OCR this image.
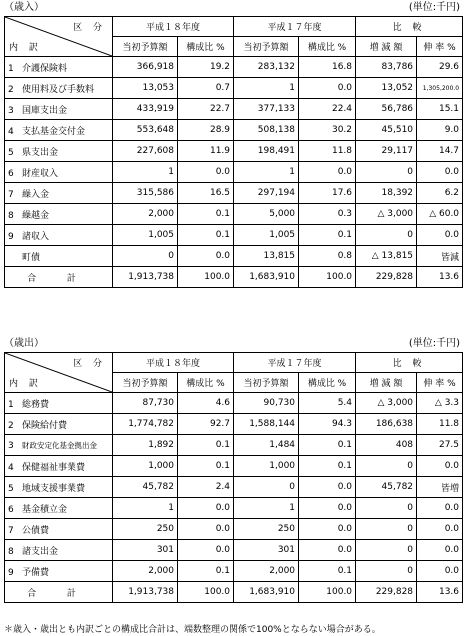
（歳入）	(単位:千円)
区 分
内 訳	平成１８年度		平成１７年度		比 較	
	当初予算額	構成比 %	当初予算額	構成比 %	増 減 額	伸 率 %
1 介護保険料	366,918	19.2	283,132	16.8	83,786	29.6
2 使用料及び手数料	13,053	0.7	1	0.0	13,052	1,305,200.0
3 国庫支出金	433,919	22.7	377,133	22.4	56,786	15.1
4 支払基金交付金	553,648	28.9	508,138	30.2	45,510	9.0
5 県支出金	227,608	11.9	198,491	11.8	29,117	14.7
6 財産収入	1	0.0	1	0.0	0	0.0
7 繰入金	315,586	16.5	297,194	17.6	18,392	6.2
8 繰越金	2,000	0.1	5,000	0.3	△ 3,000	△ 60.0
9 諸収入	1,005	0.1	1,005	0.1	0	0.0
町債	0	0.0	13,815	0.8	△ 13,815	皆減
合 計	1,913,738	100.0	1,683,910	100.0	229,828	13.6
（歳出）	(単位:千円)
区 分
内 訳	平成１８年度		平成１７年度		比 較	
	当初予算額	構成比 %	当初予算額	構成比 %	増 減 額	伸 率 %
1 総務費	87,730	4.6	90,730	5.4	△ 3,000	△ 3.3
2 保険給付費	1,774,782	92.7	1,588,144	94.3	186,638	11.8
3 財政安定化基金拠出金	1,892	0.1	1,484	0.1	408	27.5
4 保健福祉事業費	1,000	0.1	1,000	0.1	0	0.0
5 地域支援事業費	45,782	2.4	0	0.0	45,782	皆増
6 基金積立金	1	0.0	1	0.0	0	0.0
7 公債費	250	0.0	250	0.0	0	0.0
8 諸支出金	301	0.0	301	0.0	0	0.0
9 予備費	2,000	0.1	2,000	0.1	0	0.0
合 計	1,913,738	100.0	1,683,910	100.0	229,828	13.6
＊歳入・歳出とも内訳ごとの構成比合計は、端数整理の関係で100%とならない場合がある。
